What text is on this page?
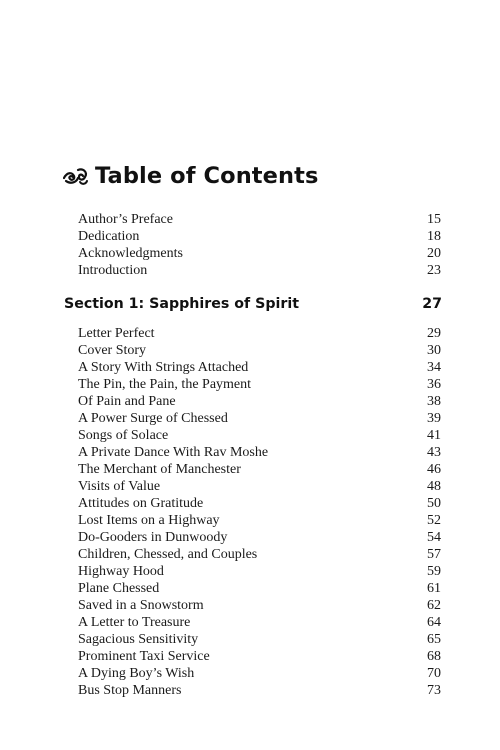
Table of Contents
Author’s Preface	15
Dedication	18
Acknowledgments	20
Introduction	23
Section 1: Sapphires of Spirit	27
Letter Perfect	29
Cover Story	30
A Story With Strings Attached	34
The Pin, the Pain, the Payment	36
Of Pain and Pane	38
A Power Surge of Chessed	39
Songs of Solace	41
A Private Dance With Rav Moshe	43
The Merchant of Manchester	46
Visits of Value	48
Attitudes on Gratitude	50
Lost Items on a Highway	52
Do-Gooders in Dunwoody	54
Children, Chessed, and Couples	57
Highway Hood	59
Plane Chessed	61
Saved in a Snowstorm	62
A Letter to Treasure	64
Sagacious Sensitivity	65
Prominent Taxi Service	68
A Dying Boy’s Wish	70
Bus Stop Manners	73
